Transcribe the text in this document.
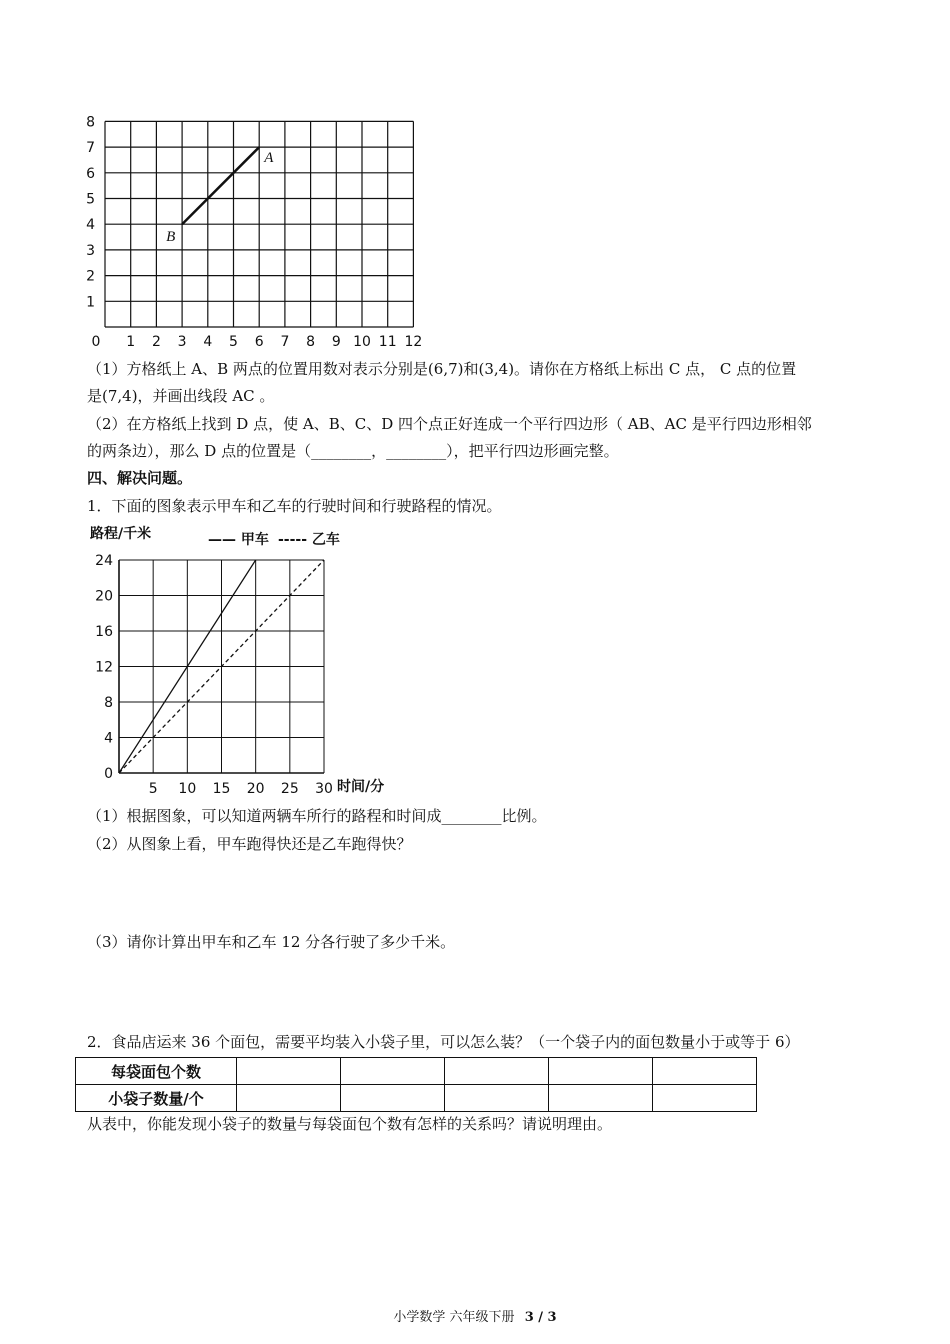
0 1 2 3 4 5 6 7 8 9 10 11 12
1
2
3
4
5
6
7
8
A
B
（1）方格纸上 A、B 两点的位置用数对表示分别是(6,7)和(3,4)。请你在方格纸上标出 C 点， C 点的位置
是(7,4)，并画出线段 AC 。
（2）在方格纸上找到 D 点，使 A、B、C、D 四个点正好连成一个平行四边形（ AB、AC 是平行四边形相邻
的两条边），那么 D 点的位置是（________，________），把平行四边形画完整。
四、解决问题。
1．下面的图象表示甲车和乙车的行驶时间和行驶路程的情况。
路程/千米	—— 甲车 ----- 乙车
5 10 15 20 25 30
0
4
8
12
16
20
24
时间/分
（1）根据图象，可以知道两辆车所行的路程和时间成________比例。
（2）从图象上看，甲车跑得快还是乙车跑得快？
（3）请你计算出甲车和乙车 12 分各行驶了多少千米。
2．食品店运来 36 个面包，需要平均装入小袋子里，可以怎么装？（一个袋子内的面包数量小于或等于 6）
每袋面包个数					
小袋子数量/个					
从表中，你能发现小袋子的数量与每袋面包个数有怎样的关系吗？请说明理由。
小学数学 六年级下册 3 / 3
